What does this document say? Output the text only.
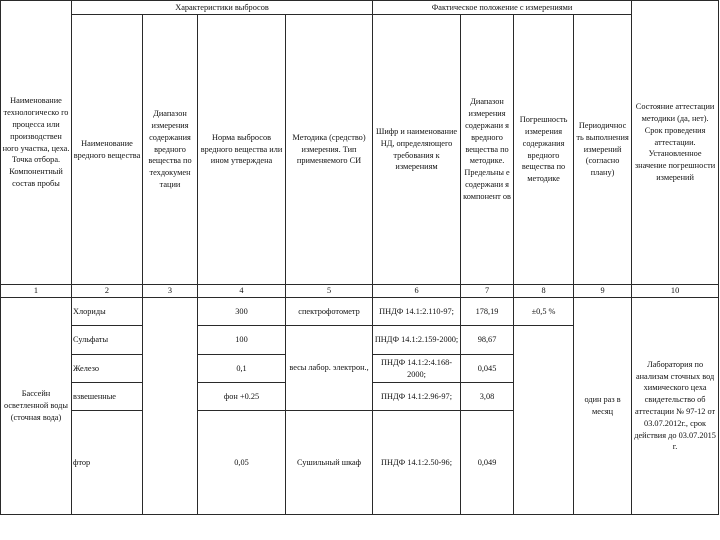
Наименование технологическо го процесса или производствен ного участка, цеха. Точка отбора. Компонентный состав пробы	Характеристики выбросов				Фактическое положение с измерениями				Состояние аттестации методики (да, нет). Срок проведения аттестации. Установленное значение погрешности измерений

	Наименование вредного вещества	Диапазон измерения содержания вредного вещества по техдокумен тации	Норма выбросов вредного вещества или ином утверждена	Методика (средство) измерения. Тип применяемого СИ	Шифр и наименование НД, определяющего требования к измерениям	Диапазон измерения содержани я вредного вещества по методике. Предельны е содержани я компонент ов	Погрешность измерения содержания вредного вещества по методике	Периодичнос ть выполнения измерений (согласно плану)	
1	2	3	4	5	6	7	8	9	10
Бассейн осветленной воды (сточная вода)	Хлориды		300	спектрофотометр	ПНДФ 14.1:2.110-97;	178,19	±0,5 %	один раз в месяц	Лаборатория по анализам сточных вод химического цеха свидетельство об аттестации № 97-12 от 03.07.2012г., срок действия до 03.07.2015 г.
	Сульфаты		100	весы лабор. электрон.,	ПНДФ 14.1:2.159-2000;	98,67			
	Железо		0,1		ПНДФ 14.1:2:4.168-2000;	0,045			
	взвешенные		фон +0.25		ПНДФ 14.1:2.96-97;	3,08			
	фтор		0,05	Сушильный шкаф	ПНДФ 14.1:2.50-96;	0,049			
